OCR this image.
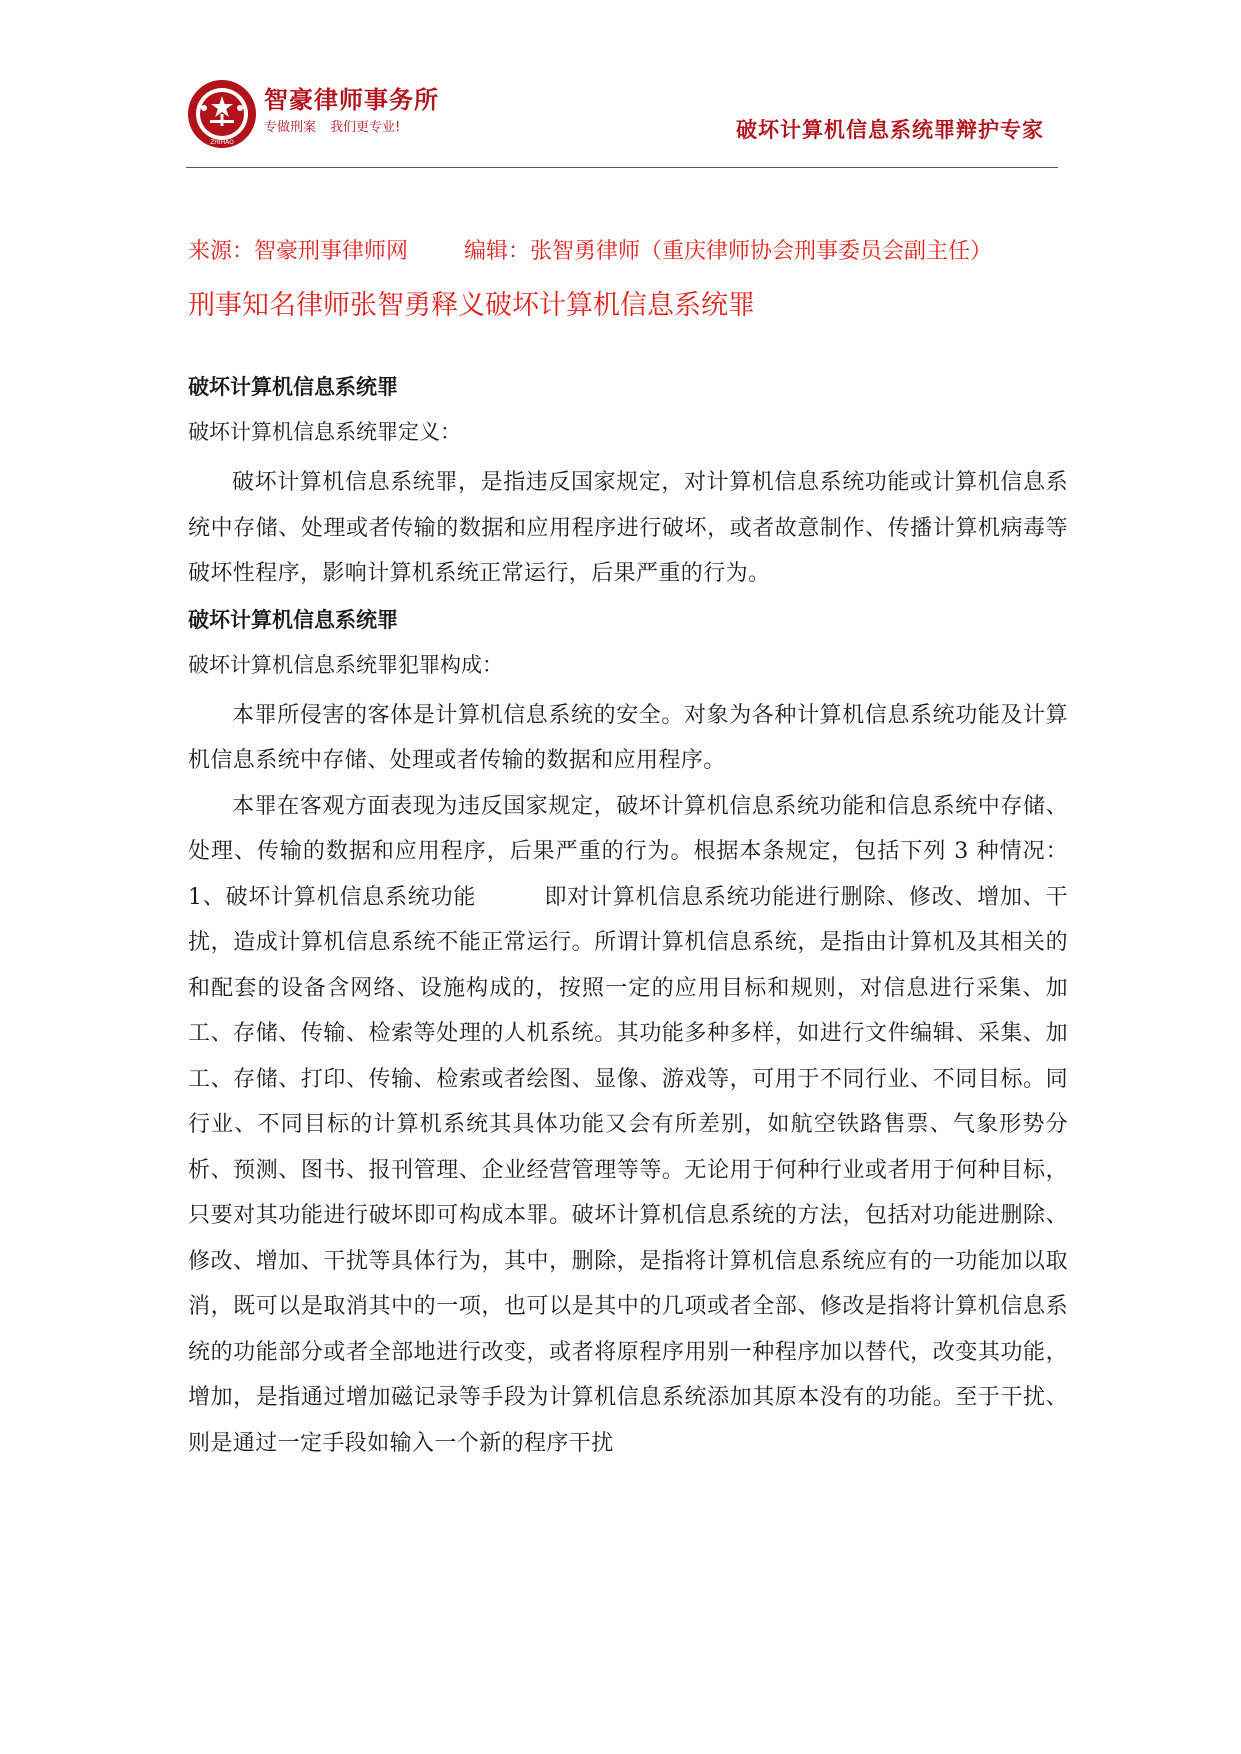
ZHIHAO
智豪律师事务所
专做刑案 我们更专业!	破坏计算机信息系统罪辩护专家
来源：智豪刑事律师网	编辑：张智勇律师（重庆律师协会刑事委员会副主任）
刑事知名律师张智勇释义破坏计算机信息系统罪
破坏计算机信息系统罪
破坏计算机信息系统罪定义：

破坏计算机信息系统罪，是指违反国家规定，对计算机信息系统功能或计算机信息系统中存储、处理或者传输的数据和应用程序进行破坏，或者故意制作、传播计算机病毒等破坏性程序，影响计算机系统正常运行，后果严重的行为。

破坏计算机信息系统罪
破坏计算机信息系统罪犯罪构成：

本罪所侵害的客体是计算机信息系统的安全。对象为各种计算机信息系统功能及计算机信息系统中存储、处理或者传输的数据和应用程序。

本罪在客观方面表现为违反国家规定，破坏计算机信息系统功能和信息系统中存储、处理、传输的数据和应用程序，后果严重的行为。根据本条规定，包括下列 3 种情况：1、破坏计算机信息系统功能　　　即对计算机信息系统功能进行删除、修改、增加、干扰，造成计算机信息系统不能正常运行。所谓计算机信息系统，是指由计算机及其相关的和配套的设备含网络、设施构成的，按照一定的应用目标和规则，对信息进行采集、加工、存储、传输、检索等处理的人机系统。其功能多种多样，如进行文件编辑、采集、加工、存储、打印、传输、检索或者绘图、显像、游戏等，可用于不同行业、不同目标。同行业、不同目标的计算机系统其具体功能又会有所差别，如航空铁路售票、气象形势分析、预测、图书、报刊管理、企业经营管理等等。无论用于何种行业或者用于何种目标，只要对其功能进行破坏即可构成本罪。破坏计算机信息系统的方法，包括对功能进删除、修改、增加、干扰等具体行为，其中，删除，是指将计算机信息系统应有的一功能加以取消，既可以是取消其中的一项，也可以是其中的几项或者全部、修改是指将计算机信息系统的功能部分或者全部地进行改变，或者将原程序用别一种程序加以替代，改变其功能，增加，是指通过增加磁记录等手段为计算机信息系统添加其原本没有的功能。至于干扰、则是通过一定手段如输入一个新的程序干扰
